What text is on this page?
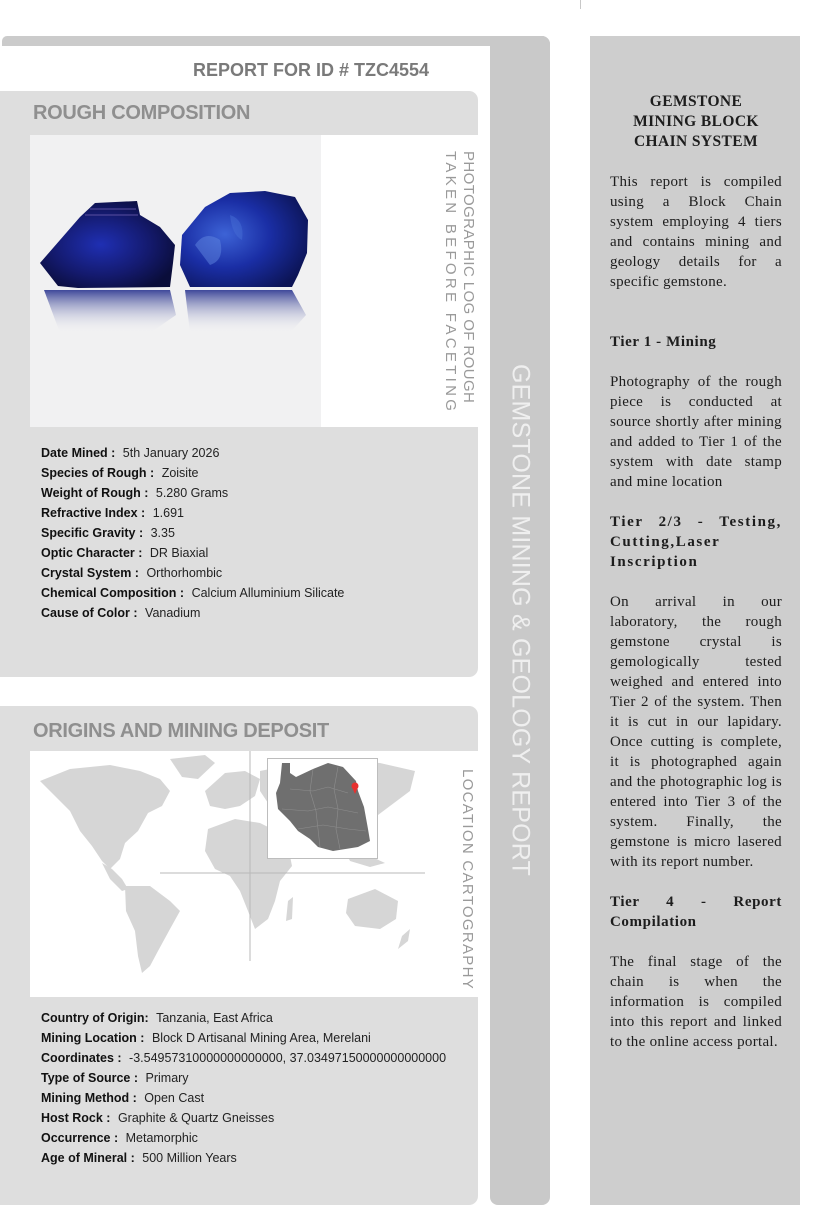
GEMSTONE MINING & GEOLOGY REPORT
REPORT FOR ID # TZC4554
ROUGH COMPOSITION
PHOTOGRAPHIC LOG OF ROUGH
TAKEN BEFORE FACETING
Date Mined : 5th January 2026
Species of Rough : Zoisite
Weight of Rough : 5.280 Grams
Refractive Index : 1.691
Specific Gravity : 3.35
Optic Character : DR Biaxial
Crystal System : Orthorhombic
Chemical Composition : Calcium Alluminium Silicate
Cause of Color : Vanadium
ORIGINS AND MINING DEPOSIT
LOCATION CARTOGRAPHY
Country of Origin: Tanzania, East Africa
Mining Location : Block D Artisanal Mining Area, Merelani
Coordinates : -3.54957310000000000000, 37.03497150000000000000
Type of Source : Primary
Mining Method : Open Cast
Host Rock : Graphite & Quartz Gneisses
Occurrence : Metamorphic
Age of Mineral : 500 Million Years
GEMSTONE MINING BLOCK CHAIN SYSTEM

This report is compiled using a Block Chain system employing 4 tiers and contains mining and geology details for a specific gemstone.

Tier 1 - Mining

Photography of the rough piece is conducted at source shortly after mining and added to Tier 1 of the system with date stamp and mine location

Tier 2/3 - Testing, Cutting,Laser Inscription

On arrival in our laboratory, the rough gemstone crystal is gemologically tested weighed and entered into Tier 2 of the system. Then it is cut in our lapidary. Once cutting is complete, it is photographed again and the photographic log is entered into Tier 3 of the system. Finally, the gemstone is micro lasered with its report number.

Tier 4 - Report Compilation

The final stage of the chain is when the information is compiled into this report and linked to the online access portal.
